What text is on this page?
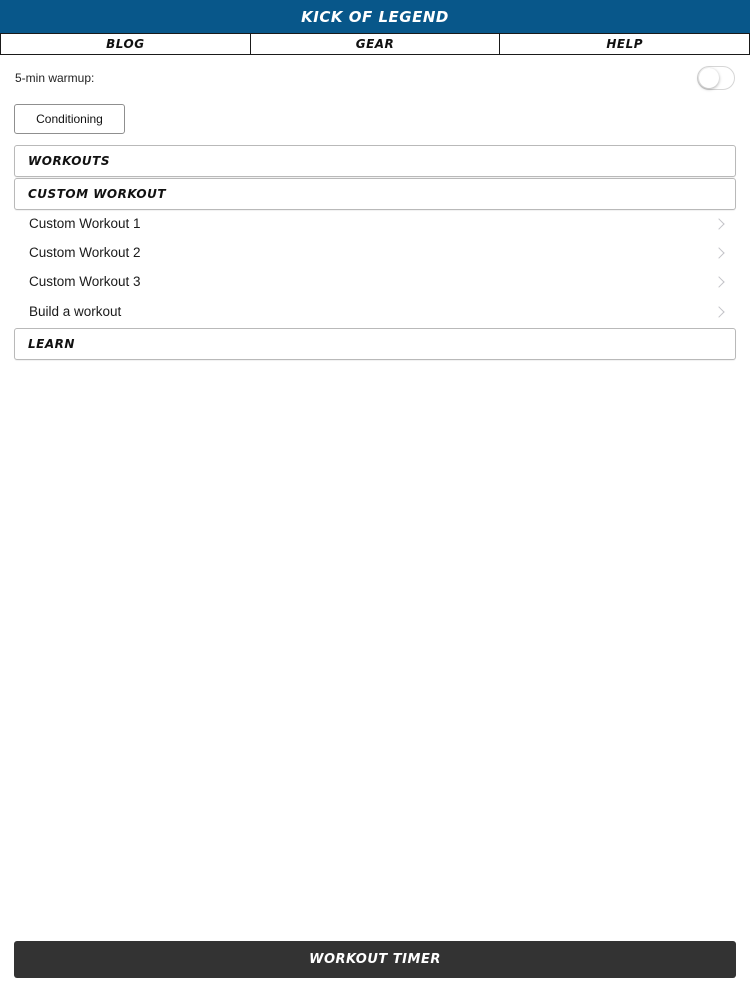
KICK OF LEGEND
BLOG	GEAR	HELP
5-min warmup:
Conditioning
WORKOUTS
CUSTOM WORKOUT
Custom Workout 1
Custom Workout 2
Custom Workout 3
Build a workout
LEARN
WORKOUT TIMER
